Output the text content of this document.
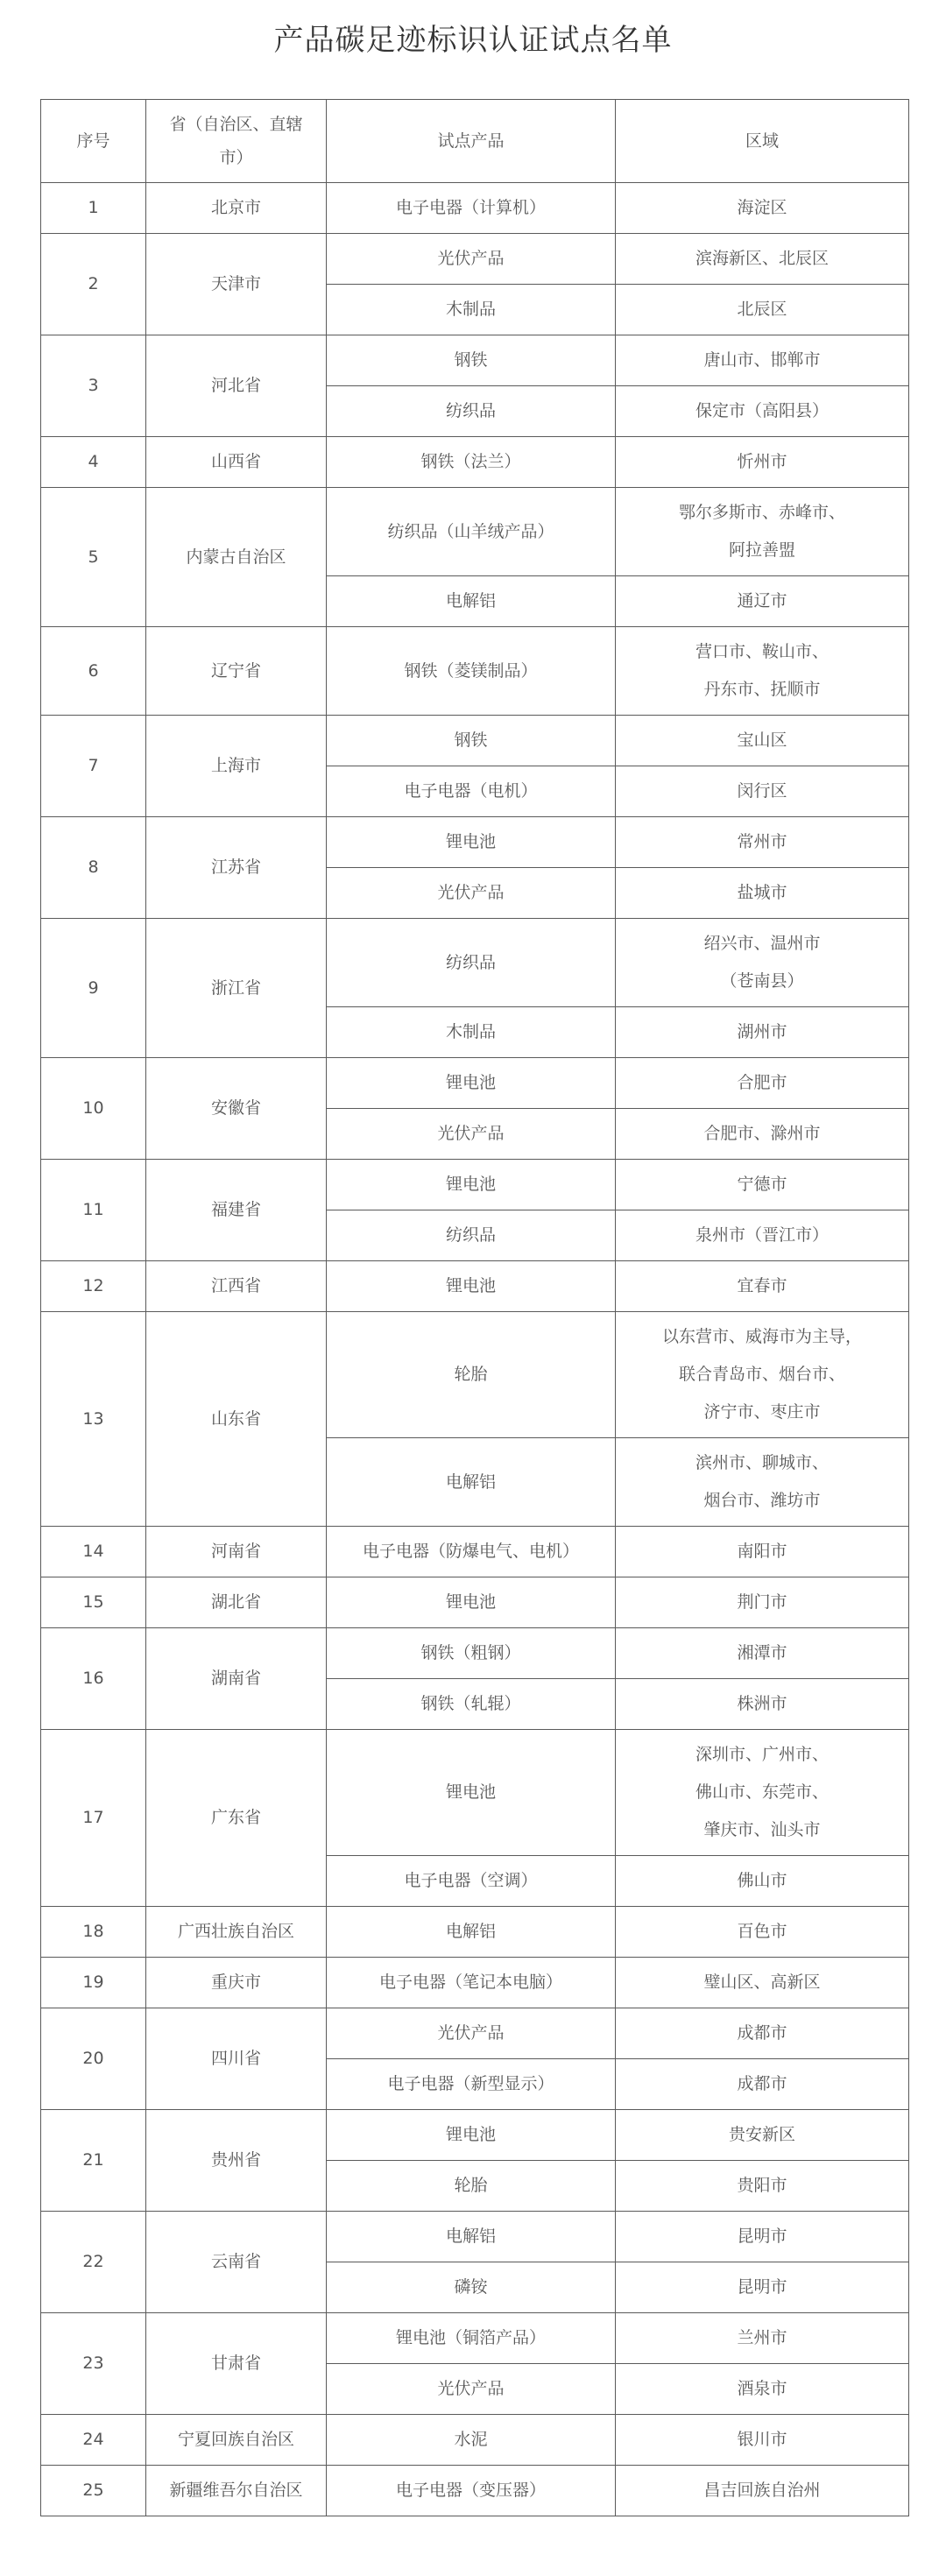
产品碳足迹标识认证试点名单
序号	省（自治区、直辖市）	试点产品	区域
1	北京市	电子电器（计算机）	海淀区
2	天津市	光伏产品	滨海新区、北辰区
		木制品	北辰区
3	河北省	钢铁	唐山市、邯郸市
		纺织品	保定市（高阳县）
4	山西省	钢铁（法兰）	忻州市
5	内蒙古自治区	纺织品（山羊绒产品）	鄂尔多斯市、赤峰市、
阿拉善盟
		电解铝	通辽市
6	辽宁省	钢铁（菱镁制品）	营口市、鞍山市、
丹东市、抚顺市
7	上海市	钢铁	宝山区
		电子电器（电机）	闵行区
8	江苏省	锂电池	常州市
		光伏产品	盐城市
9	浙江省	纺织品	绍兴市、温州市
（苍南县）
		木制品	湖州市
10	安徽省	锂电池	合肥市
		光伏产品	合肥市、滁州市
11	福建省	锂电池	宁德市
		纺织品	泉州市（晋江市）
12	江西省	锂电池	宜春市
13	山东省	轮胎	以东营市、威海市为主导，
联合青岛市、烟台市、
济宁市、枣庄市
		电解铝	滨州市、聊城市、
烟台市、潍坊市
14	河南省	电子电器（防爆电气、电机）	南阳市
15	湖北省	锂电池	荆门市
16	湖南省	钢铁（粗钢）	湘潭市
		钢铁（轧辊）	株洲市
17	广东省	锂电池	深圳市、广州市、
佛山市、东莞市、
肇庆市、汕头市
		电子电器（空调）	佛山市
18	广西壮族自治区	电解铝	百色市
19	重庆市	电子电器（笔记本电脑）	璧山区、高新区
20	四川省	光伏产品	成都市
		电子电器（新型显示）	成都市
21	贵州省	锂电池	贵安新区
		轮胎	贵阳市
22	云南省	电解铝	昆明市
		磷铵	昆明市
23	甘肃省	锂电池（铜箔产品）	兰州市
		光伏产品	酒泉市
24	宁夏回族自治区	水泥	银川市
25	新疆维吾尔自治区	电子电器（变压器）	昌吉回族自治州
